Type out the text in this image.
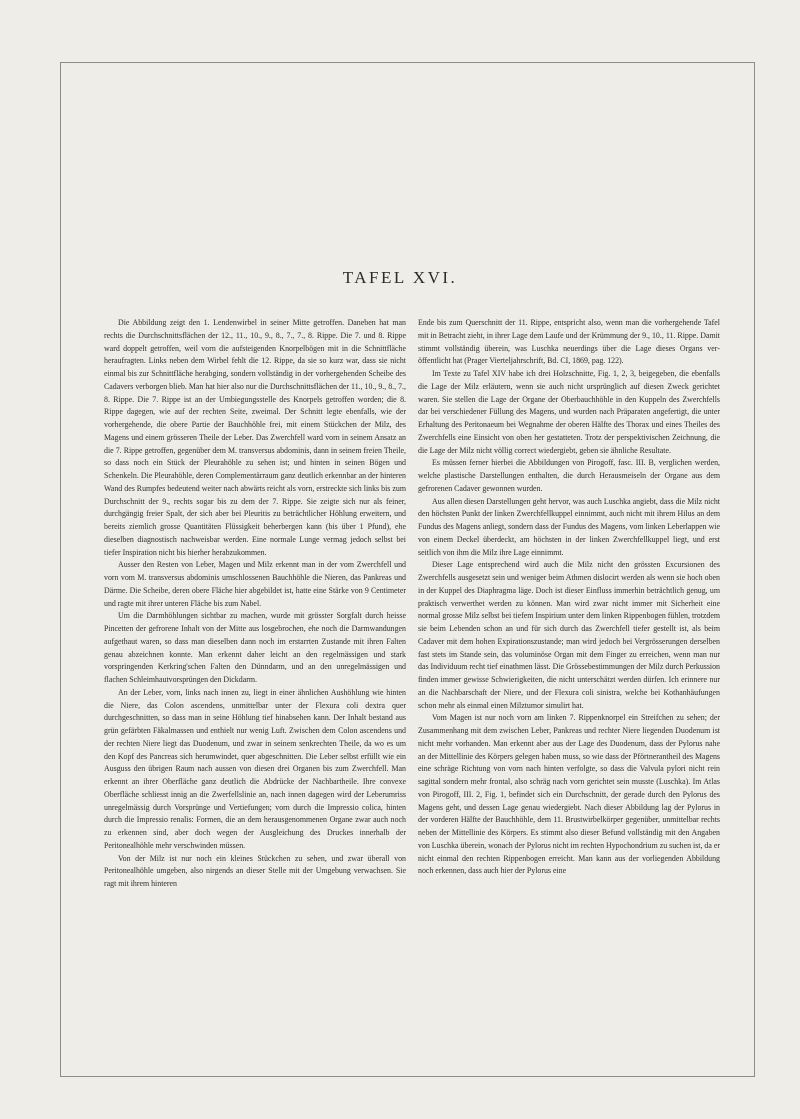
TAFEL XVI.

Die Abbildung zeigt den 1. Lendenwirbel in seiner Mitte getroffen. Daneben hat man rechts die Durchschnittsflächen der 12., 11., 10., 9., 8., 7., 7., 8. Rippe. Die 7. und 8. Rippe ward doppelt getroffen, weil vorn die aufsteigenden Knorpelbögen mit in die Schnittfläche heraufragten. Links neben dem Wirbel fehlt die 12. Rippe, da sie so kurz war, dass sie nicht einmal bis zur Schnittfläche herabging, sondern vollständig in der vorhergehenden Scheibe des Cadavers verborgen blieb. Man hat hier also nur die Durchschnittsflächen der 11., 10., 9., 8., 7., 8. Rippe. Die 7. Rippe ist an der Umbiegungsstelle des Knorpels getroffen worden; die 8. Rippe dagegen, wie auf der rechten Seite, zweimal. Der Schnitt legte ebenfalls, wie der vorhergehende, die obere Partie der Bauchhöhle frei, mit einem Stückchen der Milz, des Magens und einem grösseren Theile der Leber. Das Zwerchfell ward vorn in seinem Ansatz an die 7. Rippe getroffen, gegenüber dem M. transversus abdominis, dann in seinem freien Theile, so dass noch ein Stück der Pleurahöhle zu sehen ist; und hinten in seinen Bögen und Schenkeln. Die Pleurahöhle, deren Complementärraum ganz deutlich erkennbar an der hinteren Wand des Rumpfes bedeutend weiter nach abwärts reicht als vorn, erstreckte sich links bis zum Durchschnitt der 9., rechts sogar bis zu dem der 7. Rippe. Sie zeigte sich nur als feiner, durchgängig freier Spalt, der sich aber bei Pleuritis zu beträchtlicher Höhlung erweitern, und bereits ziemlich grosse Quantitäten Flüssigkeit beherbergen kann (bis über 1 Pfund), ehe dieselben diagnostisch nachweisbar werden. Eine normale Lunge vermag jedoch selbst bei tiefer Inspiration nicht bis hierher herabzukommen.

Ausser den Resten von Leber, Magen und Milz erkennt man in der vom Zwerchfell und vorn vom M. transversus abdominis umschlossenen Bauchhöhle die Nieren, das Pankreas und Därme. Die Scheibe, deren obere Fläche hier abgebildet ist, hatte eine Stärke von 9 Centimeter und ragte mit ihrer unteren Fläche bis zum Nabel.

Um die Darmhöhlungen sichtbar zu machen, wurde mit grösster Sorgfalt durch heisse Pincetten der gefrorene Inhalt von der Mitte aus losgebrochen, ehe noch die Darmwandungen aufgethaut waren, so dass man dieselben dann noch im erstarrten Zustande mit ihren Falten genau abzeichnen konnte. Man erkennt daher leicht an den regelmässigen und stark vorspringenden Kerkring'schen Falten den Dünndarm, und an den unregelmässigen und flachen Schleimhautvorsprüngen den Dickdarm.

An der Leber, vorn, links nach innen zu, liegt in einer ähnlichen Aushöhlung wie hinten die Niere, das Colon ascendens, unmittelbar unter der Flexura coli dextra quer durchgeschnitten, so dass man in seine Höhlung tief hinabsehen kann. Der Inhalt bestand aus grün gefärbten Fäkalmassen und enthielt nur wenig Luft. Zwischen dem Colon ascendens und der rechten Niere liegt das Duodenum, und zwar in seinem senkrechten Theile, da wo es um den Kopf des Pancreas sich herumwindet, quer abgeschnitten. Die Leber selbst erfüllt wie ein Ausguss den übrigen Raum nach aussen von diesen drei Organen bis zum Zwerchfell. Man erkennt an ihrer Oberfläche ganz deutlich die Abdrücke der Nachbartheile. Ihre convexe Oberfläche schliesst innig an die Zwerfellslinie an, nach innen dagegen wird der Leberumriss unregelmässig durch Vorsprünge und Vertiefungen; vorn durch die Impressio colica, hinten durch die Impressio renalis: Formen, die an dem herausgenommenen Organe zwar auch noch zu erkennen sind, aber doch wegen der Ausgleichung des Druckes innerhalb der Peritonealhöhle mehr verschwinden müssen.

Von der Milz ist nur noch ein kleines Stückchen zu sehen, und zwar überall von Peritonealhöhle umgeben, also nirgends an dieser Stelle mit der Umgebung verwachsen. Sie ragt mit ihrem hinteren

Ende bis zum Querschnitt der 11. Rippe, entspricht also, wenn man die vorhergehende Tafel mit in Betracht zieht, in ihrer Lage dem Laufe und der Krümmung der 9., 10., 11. Rippe. Damit stimmt vollständig überein, was Luschka neuerdings über die Lage dieses Organs veröffentlicht hat (Prager Vierteljahrschrift, Bd. CI, 1869, pag. 122).

Im Texte zu Tafel XIV habe ich drei Holzschnitte, Fig. 1, 2, 3, beigegeben, die ebenfalls die Lage der Milz erläutern, wenn sie auch nicht ursprünglich auf diesen Zweck gerichtet waren. Sie stellen die Lage der Organe der Oberbauchhöhle in den Kuppeln des Zwerchfells dar bei verschiedener Füllung des Magens, und wurden nach Präparaten angefertigt, die unter Erhaltung des Peritonaeum bei Wegnahme der oberen Hälfte des Thorax und eines Theiles des Zwerchfells eine Einsicht von oben her gestatteten. Trotz der perspektivischen Zeichnung, die die Lage der Milz nicht völlig correct wiedergiebt, geben sie ähnliche Resultate.

Es müssen ferner hierbei die Abbildungen von Pirogoff, fasc. III. B, verglichen werden, welche plastische Darstellungen enthalten, die durch Herausmeiseln der Organe aus dem gefrorenen Cadaver gewonnen wurden.

Aus allen diesen Darstellungen geht hervor, was auch Luschka angiebt, dass die Milz nicht den höchsten Punkt der linken Zwerchfellkuppel einnimmt, auch nicht mit ihrem Hilus an dem Fundus des Magens anliegt, sondern dass der Fundus des Magens, vom linken Leberlappen wie von einem Deckel überdeckt, am höchsten in der linken Zwerchfellkuppel liegt, und erst seitlich von ihm die Milz ihre Lage einnimmt.

Dieser Lage entsprechend wird auch die Milz nicht den grössten Excursionen des Zwerchfells ausgesetzt sein und weniger beim Athmen dislocirt werden als wenn sie hoch oben in der Kuppel des Diaphragma läge. Doch ist dieser Einfluss immerhin beträchtlich genug, um praktisch verwerthet werden zu können. Man wird zwar nicht immer mit Sicherheit eine normal grosse Milz selbst bei tiefem Inspirium unter dem linken Rippenbogen fühlen, trotzdem sie beim Lebenden schon an und für sich durch das Zwerchfell tiefer gestellt ist, als beim Cadaver mit dem hohen Expirationszustande; man wird jedoch bei Vergrösserungen derselben fast stets im Stande sein, das voluminöse Organ mit dem Finger zu erreichen, wenn man nur das Individuum recht tief einathmen lässt. Die Grössebestimmungen der Milz durch Perkussion finden immer gewisse Schwierigkeiten, die nicht unterschätzt werden dürfen. Ich erinnere nur an die Nachbarschaft der Niere, und der Flexura coli sinistra, welche bei Kothanhäufungen schon mehr als einmal einen Milztumor simulirt hat.

Vom Magen ist nur noch vorn am linken 7. Rippenknorpel ein Streifchen zu sehen; der Zusammenhang mit dem zwischen Leber, Pankreas und rechter Niere liegenden Duodenum ist nicht mehr vorhanden. Man erkennt aber aus der Lage des Duodenum, dass der Pylorus nahe an der Mittellinie des Körpers gelegen haben muss, so wie dass der Pförtnerantheil des Magens eine schräge Richtung von vorn nach hinten verfolgte, so dass die Valvula pylori nicht rein sagittal sondern mehr frontal, also schräg nach vorn gerichtet sein musste (Luschka). Im Atlas von Pirogoff, III. 2, Fig. 1, befindet sich ein Durchschnitt, der gerade durch den Pylorus des Magens geht, und dessen Lage genau wiedergiebt. Nach dieser Abbildung lag der Pylorus in der vorderen Hälfte der Bauchhöhle, dem 11. Brustwirbelkörper gegenüber, unmittelbar rechts neben der Mittellinie des Körpers. Es stimmt also dieser Befund vollständig mit den Angaben von Luschka überein, wonach der Pylorus nicht im rechten Hypochondrium zu suchen ist, da er nicht einmal den rechten Rippenbogen erreicht. Man kann aus der vorliegenden Abbildung noch erkennen, dass auch hier der Pylorus eine
